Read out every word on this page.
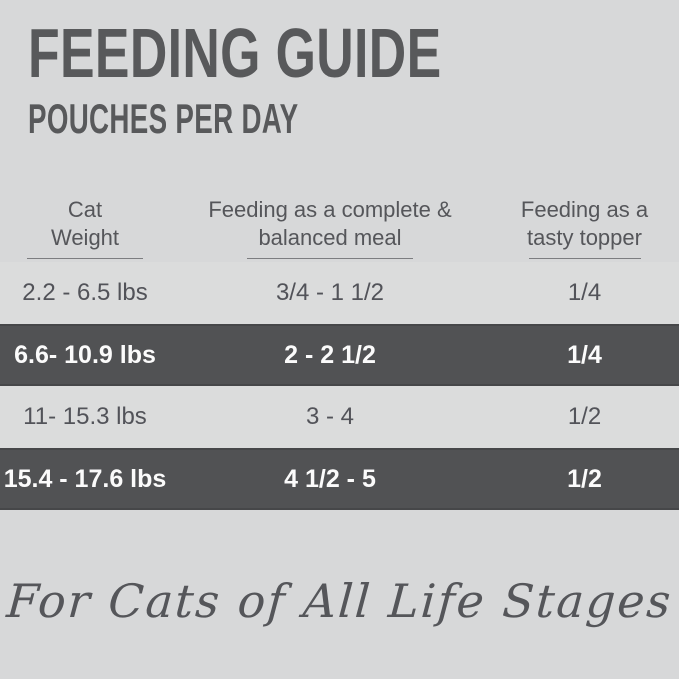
FEEDING GUIDE
POUCHES PER DAY
Cat
Weight
Feeding as a complete &
balanced meal
Feeding as a
tasty topper
2.2 - 6.5 lbs	3/4 - 1 1/2	1/4
6.6- 10.9 lbs	2 - 2 1/2	1/4
11- 15.3 lbs	3 - 4	1/2
15.4 - 17.6 lbs	4 1/2 - 5	1/2
For Cats of All Life Stages
